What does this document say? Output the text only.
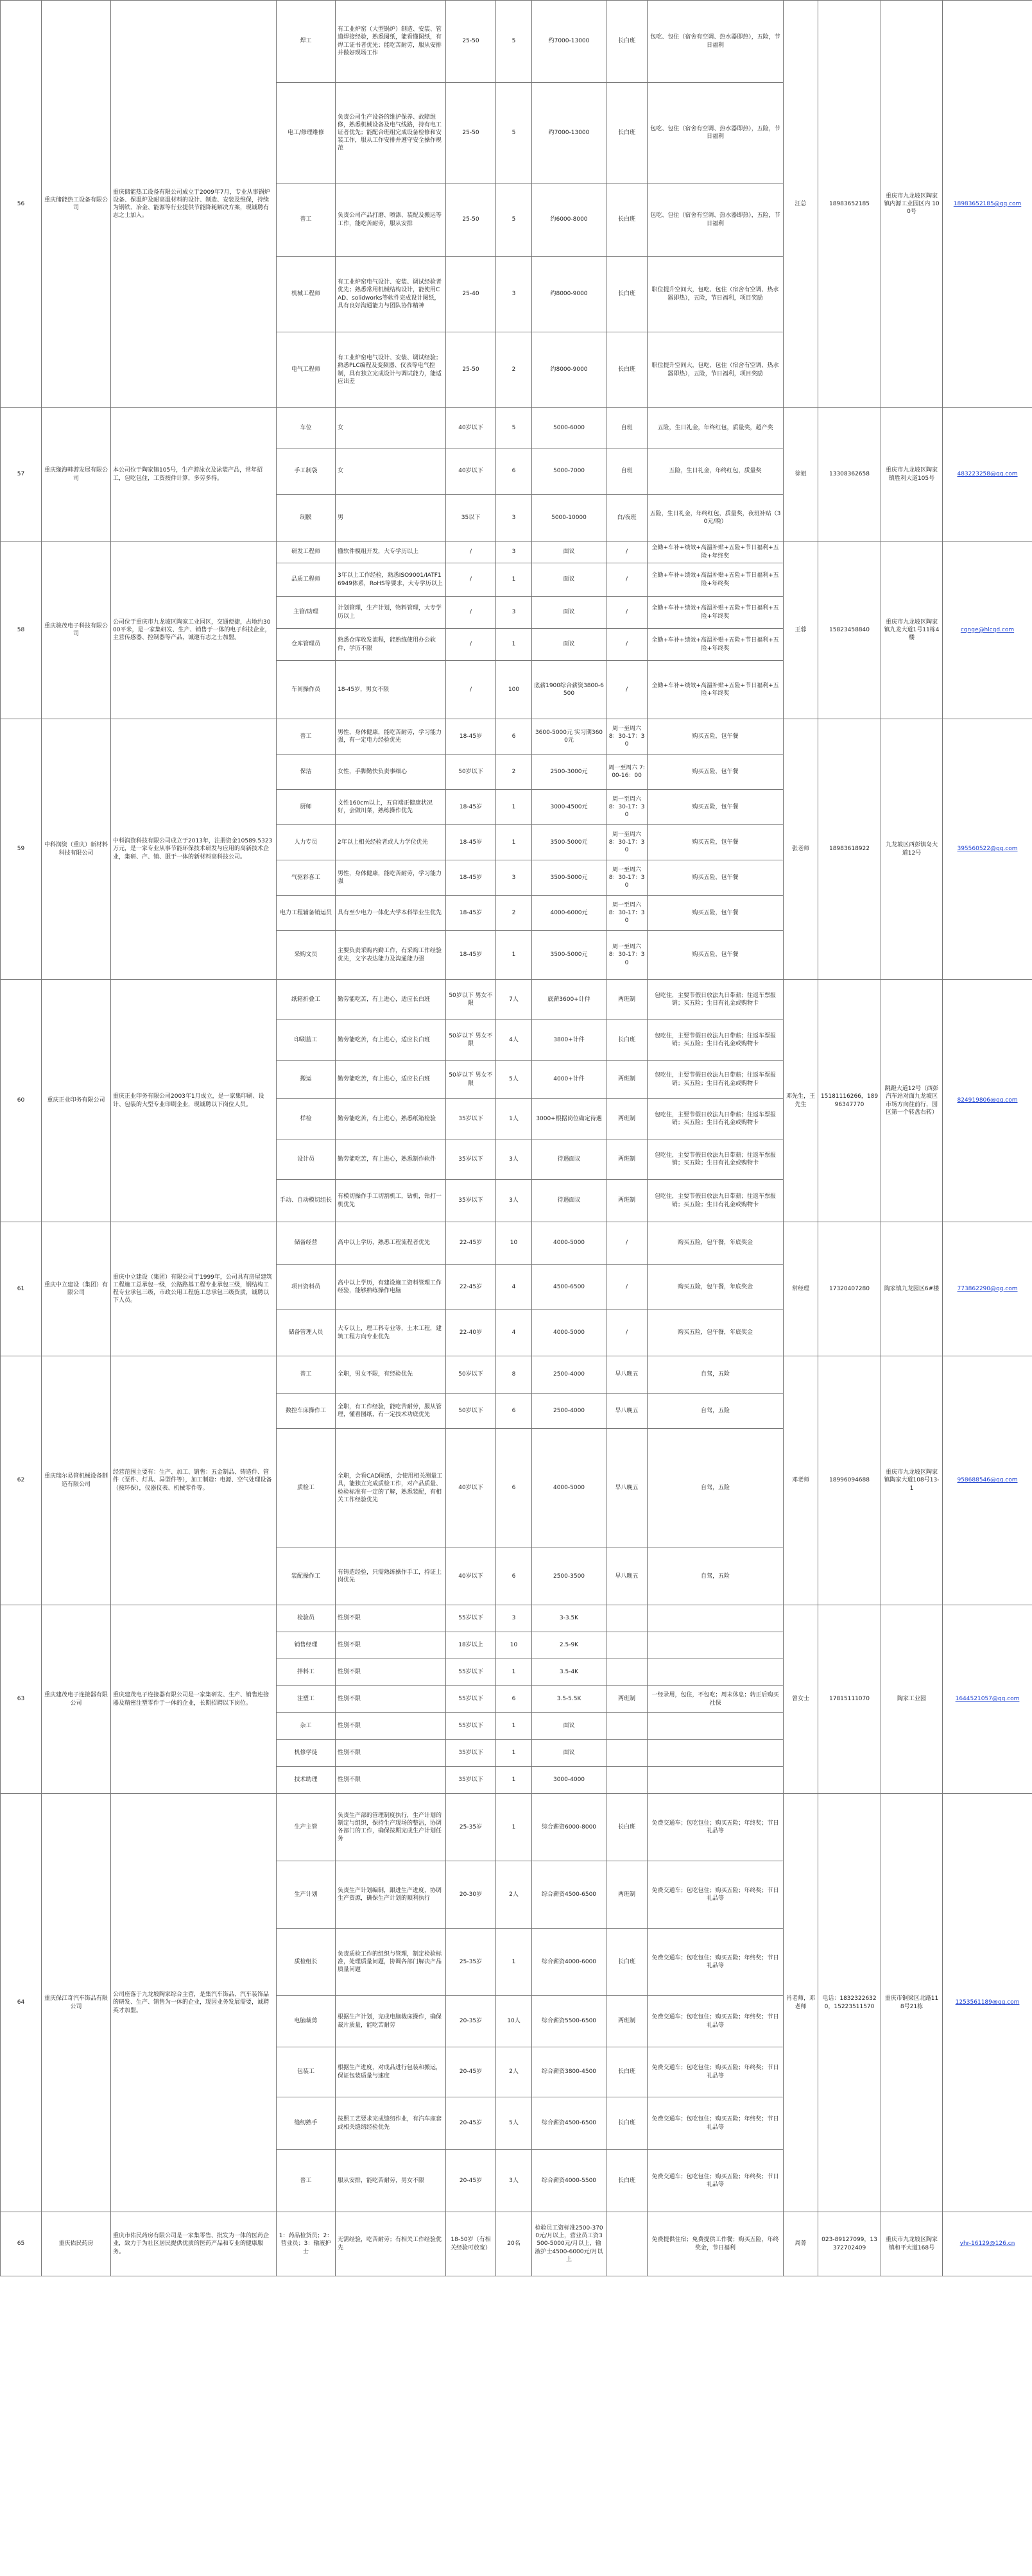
56	重庆储能热工设备有限公司	重庆储能热工设备有限公司成立于2009年7月，专业从事锅炉设备、保温炉及耐高温材料的设计、制造、安装及维保，持续为钢铁、冶金、能源等行业提供节能降耗解决方案，现诚聘有志之士加入。	焊工	有工业炉窑（大型锅炉）制造、安装、管道焊接经验，熟悉图纸，能看懂图纸，有焊工证书者优先；能吃苦耐劳，服从安排并做好现场工作	25-50	5	约7000-13000	长白班	包吃、包住（宿舍有空调、热水器即热），五险，节日福利	汪总	18983652185	重庆市九龙坡区陶家镇内源工业园区内 100号	18983652185@qq.com
			电工/修理维修	负责公司生产设备的维护保养、故障维修，熟悉机械设备及电气线路，持有电工证者优先；能配合班组完成设备检修和安装工作，服从工作安排并遵守安全操作规范	25-50	5	约7000-13000	长白班	包吃、包住（宿舍有空调、热水器即热），五险，节日福利				
			普工	负责公司产品打磨、喷漆、装配及搬运等工作，能吃苦耐劳，服从安排	25-50	5	约6000-8000	长白班	包吃、包住（宿舍有空调、热水器即热），五险，节日福利				
			机械工程师	有工业炉窑电气设计、安装、调试经验者优先；熟悉常用机械结构设计，能使用CAD、solidworks等软件完成设计图纸，具有良好沟通能力与团队协作精神	25-40	3	约8000-9000	长白班	职位提升空间大，包吃、包住（宿舍有空调、热水器即热），五险，节日福利，项目奖励				
			电气工程师	有工业炉窑电气设计、安装、调试经验；熟悉PLC编程及变频器、仪表等电气控制，具有独立完成设计与调试能力，能适应出差	25-50	2	约8000-9000	长白班	职位提升空间大，包吃、包住（宿舍有空调、热水器即热），五险，节日福利，项目奖励				
57	重庆缘海韩游发展有限公司	本公司位于陶家镇105号，生产游泳衣及泳装产品，常年招工，包吃包住，工资按件计算，多劳多得。	车位	女	40岁以下	5	5000-6000	自班	五险，生日礼金，年终红包，质量奖，超产奖	徐姐	13308362658	重庆市九龙坡区陶家镇胜利大道105号	483223258@qq.com
			手工制袋	女	40岁以下	6	5000-7000	自班	五险，生日礼金，年终红包，质量奖				
			制膜	男	35以下	3	5000-10000	白/夜班	五险，生日礼金，年终红包，质量奖，夜班补贴（30元/晚）				
58	重庆骏茂电子科技有限公司	公司位于重庆市九龙坡区陶家工业园区，交通便捷，占地约3000平米，是一家集研发、生产、销售于一体的电子科技企业，主营传感器、控制器等产品，诚邀有志之士加盟。	研发工程师	懂软件模组开发，大专学历以上	/	3	面议	/	全勤+车补+绩效+高温补贴+五险+节日福利+五险+年终奖	王蓉	15823458840	重庆市九龙坡区陶家镇九龙大道1号11栋4楼	cqnge@hlcqd.com
			品质工程师	3年以上工作经验，熟悉ISO9001/IATF16949体系，RoHS等要求，大专学历以上	/	1	面议	/	全勤+车补+绩效+高温补贴+五险+节日福利+五险+年终奖				
			主管/助理	计划管理，生产计划，物料管理，大专学历以上	/	3	面议	/	全勤+车补+绩效+高温补贴+五险+节日福利+五险+年终奖				
			仓库管理员	熟悉仓库收发流程，能熟练使用办公软件，学历不限	/	1	面议	/	全勤+车补+绩效+高温补贴+五险+节日福利+五险+年终奖				
			车间操作员	18-45岁，男女不限	/	100	底薪1900综合薪资3800-6500	/	全勤+车补+绩效+高温补贴+五险+节日福利+五险+年终奖				
59	中科润资（重庆）新材料科技有限公司	中科润资科技有限公司成立于2013年，注册资金10589.5323万元，是一家专业从事节能环保技术研发与应用的高新技术企业，集研、产、销、服于一体的新材料高科技公司。	普工	男性，身体健康，能吃苦耐劳，学习能力强，有一定电力经验优先	18-45岁	6	3600-5000元 实习期3600元	周一至周六 8：30-17：30	购买五险，包午餐	张老师	18983618922	九龙坡区西彭镇岛大道12号	395560522@qq.com
			保洁	女性，手脚勤快负责事细心	50岁以下	2	2500-3000元	周一至周六 7:00-16：00	购买五险，包午餐				
			厨师	文性160cm以上，五官端正健康状况好，会做川菜，熟练操作优先	18-45岁	1	3000-4500元	周一至周六 8：30-17：30	购买五险，包午餐				
			人力专员	2年以上相关经验者或人力学位优先	18-45岁	1	3500-5000元	周一至周六 8：30-17：30	购买五险，包午餐				
			气驱彩喜工	男性，身体健康，能吃苦耐劳，学习能力强	18-45岁	3	3500-5000元	周一至周六 8：30-17：30	购买五险，包午餐				
			电力工程辅备销运员	具有至少电力一体化大学本科毕业生优先	18-45岁	2	4000-6000元	周一至周六 8：30-17：30	购买五险，包午餐				
			采购文员	主要负责采购内勤工作，有采购工作经验优先，文字表达能力及沟通能力强	18-45岁	1	3500-5000元	周一至周六 8：30-17：30	购买五险，包午餐				
60	重庆正业印务有限公司	重庆正业印务有限公司2003年1月成立，是一家集印刷、设计、包装的大型专业印刷企业，现诚聘以下岗位人员。	纸箱折叠工	勤劳能吃苦，有上进心，适应长白班	50岁以下 男女不限	7人	底薪3600+计件	两班制	包吃住，主要节假日放法九日带薪；往返车票报销；买五险；生日有礼金或购物卡	邓先生，王先生	15181116266，18996347770	跳蹬大道12号（西彭汽车站对面九龙坡区市场方向往前行，园区第一个转盘右转）	824919806@qq.com
			印刷蓝工	勤劳能吃苦，有上进心，适应长白班	50岁以下 男女不限	4人	3800+计件	长白班	包吃住，主要节假日放法九日带薪；往返车票报销；买五险；生日有礼金或购物卡				
			搬运	勤劳能吃苦，有上进心，适应长白班	50岁以下 男女不限	5人	4000+计件	两班制	包吃住，主要节假日放法九日带薪；往返车票报销；买五险；生日有礼金或购物卡				
			样检	勤劳能吃苦，有上进心，熟悉纸箱检验	35岁以下	1人	3000+根据岗位确定待遇	两班制	包吃住，主要节假日放法九日带薪；往返车票报销；买五险；生日有礼金或购物卡				
			设计员	勤劳能吃苦，有上进心，熟悉制作软件	35岁以下	3人	待遇面议	两班制	包吃住，主要节假日放法九日带薪；往返车票报销；买五险；生日有礼金或购物卡				
			手动、自动模切组长	有模切操作手工切割机工，钻机，钻打一机优先	35岁以下	3人	待遇面议	两班制	包吃住，主要节假日放法九日带薪；往返车票报销；买五险；生日有礼金或购物卡				
61	重庆中立建设（集团）有限公司	重庆中立建设（集团）有限公司于1999年，公司具有房屋建筑工程施工总承包一级，公路路基工程专业承包三级，钢结构工程专业承包三级，市政公用工程施工总承包三级资质，诚聘以下人员。	储备经营	高中以上学历，熟悉工程流程者优先	22-45岁	10	4000-5000	/	购买五险，包午餐，年底奖金	常经理	17320407280	陶家镇九龙园区6#楼	773862290@qq.com
			项目资料员	高中以上学历，有建设施工资料管理工作经验，能够熟练操作电脑	22-45岁	4	4500-6500	/	购买五险，包午餐，年底奖金				
			储备管理人员	大专以上，理工科专业等，土木工程，建筑工程方向专业优先	22-40岁	4	4000-5000	/	购买五险，包午餐，年底奖金				
62	重庆瑞尔易管机械设备制造有限公司	经营范围主要有：生产、加工、销售：五金制品、铸造件、管件（泵件、灯具、异型件等），加工制造：电源、空气处理设备（按环保），仪器仪表、机械零件等。	普工	全职，男女不限，有经验优先	50岁以下	8	2500-4000	早八晚五	自驾，五险	邓老师	18996094688	重庆市九龙坡区陶家镇陶家大道108号13-1	958688546@qq.com
			数控车床操作工	全职，有工作经验，能吃苦耐劳，服从管理，懂看图纸，有一定技术功底优先	50岁以下	6	2500-4000	早八晚五	自驾，五险				
			质检工	全职，会看CAD图纸，会使用相关测量工具，能独立完成质检工作，对产品质量、检验标准有一定的了解，熟悉装配，有相关工作经验优先	40岁以下	6	4000-5000	早八晚五	自驾，五险				
			装配操作工	有铸造经验，只需熟练操作手工，持证上岗优先	40岁以下	6	2500-3500	早八晚五	自驾，五险				
63	重庆建茂电子连接器有限公司	重庆建茂电子连接器有限公司是一家集研发、生产、销售连接器及精密注塑零件于一体的企业，长期招聘以下岗位。	检验员	性别不限	55岁以下	3	3-3.5K			曾女士	17815111070	陶家工业园	1644521057@qq.com
			销售经理	性别不限	18岁以上	10	2.5-9K						
			拌料工	性别不限	55岁以下	1	3.5-4K						
			注塑工	性别不限	55岁以下	6	3.5-5.5K	两班制	一经录用，包住，不包吃；周末休息；转正后购买社保				
			杂工	性别不限	55岁以下	1	面议						
			机修学徒	性别不限	35岁以下	1	面议						
			技术助理	性别不限	35岁以下	1	3000-4000						
64	重庆保江奇汽车饰品有限公司	公司座落于九龙坡陶家综合主营，是集汽车饰品、汽车装饰品的研发、生产、销售为一体的企业，现因业务发展需要，诚聘英才加盟。	生产主管	负责生产部的管理制度执行，生产计划的制定与组织，保持生产现场的整洁，协调各部门的工作，确保按期完成生产计划任务	25-35岁	1	综合薪资6000-8000	长白班	免费交通车；包吃包住；购买五险；年终奖；节日礼品等	肖老师，邓老师	电话：18323226320，15223511570	重庆市铜梁区北路118号21栋	1253561189@qq.com
			生产计划	负责生产计划编制，跟进生产进度，协调生产资源，确保生产计划的顺利执行	20-30岁	2人	综合薪资4500-6500	两班制	免费交通车；包吃包住；购买五险；年终奖；节日礼品等				
			质检组长	负责质检工作的组织与管理，制定检验标准，处理质量问题，协调各部门解决产品质量问题	25-35岁	1	综合薪资4000-6000	长白班	免费交通车；包吃包住；购买五险；年终奖；节日礼品等				
			电脑裁剪	根据生产计划，完成电脑裁床操作，确保裁片质量，能吃苦耐劳	20-35岁	10人	综合薪资5500-6500	两班制	免费交通车；包吃包住；购买五险；年终奖；节日礼品等				
			包装工	根据生产进度，对成品进行包装和搬运，保证包装质量与速度	20-45岁	2人	综合薪资3800-4500	长白班	免费交通车；包吃包住；购买五险；年终奖；节日礼品等				
			缝纫熟手	按照工艺要求完成缝纫作业，有汽车座套或相关缝纫经验优先	20-45岁	5人	综合薪资4500-6500	长白班	免费交通车；包吃包住；购买五险；年终奖；节日礼品等				
			普工	服从安排，能吃苦耐劳，男女不限	20-45岁	3人	综合薪资4000-5500	长白班	免费交通车；包吃包住；购买五险；年终奖；节日礼品等				
65	重庆佑民药房	重庆市佑民药房有限公司是一家集零售、批发为一体的医药企业，致力于为社区居民提供优质的医药产品和专业的健康服务。	1：药品检货员；2：营业员；3：输液护士	无需经验，吃苦耐劳；有相关工作经验优先	18-50岁（有相关经验可放宽）	20名	检验员工资标准2500-3700元/月以上，营业员工资3500-5000元/月以上，输液护士4500-6000元/月以上		免费提供住宿；免费提供工作餐；购买五险，年终奖金，节日福利	周菁	023-89127099，13372702409	重庆市九龙坡区陶家镇和平大道168号	yhr-16129@126.cn
